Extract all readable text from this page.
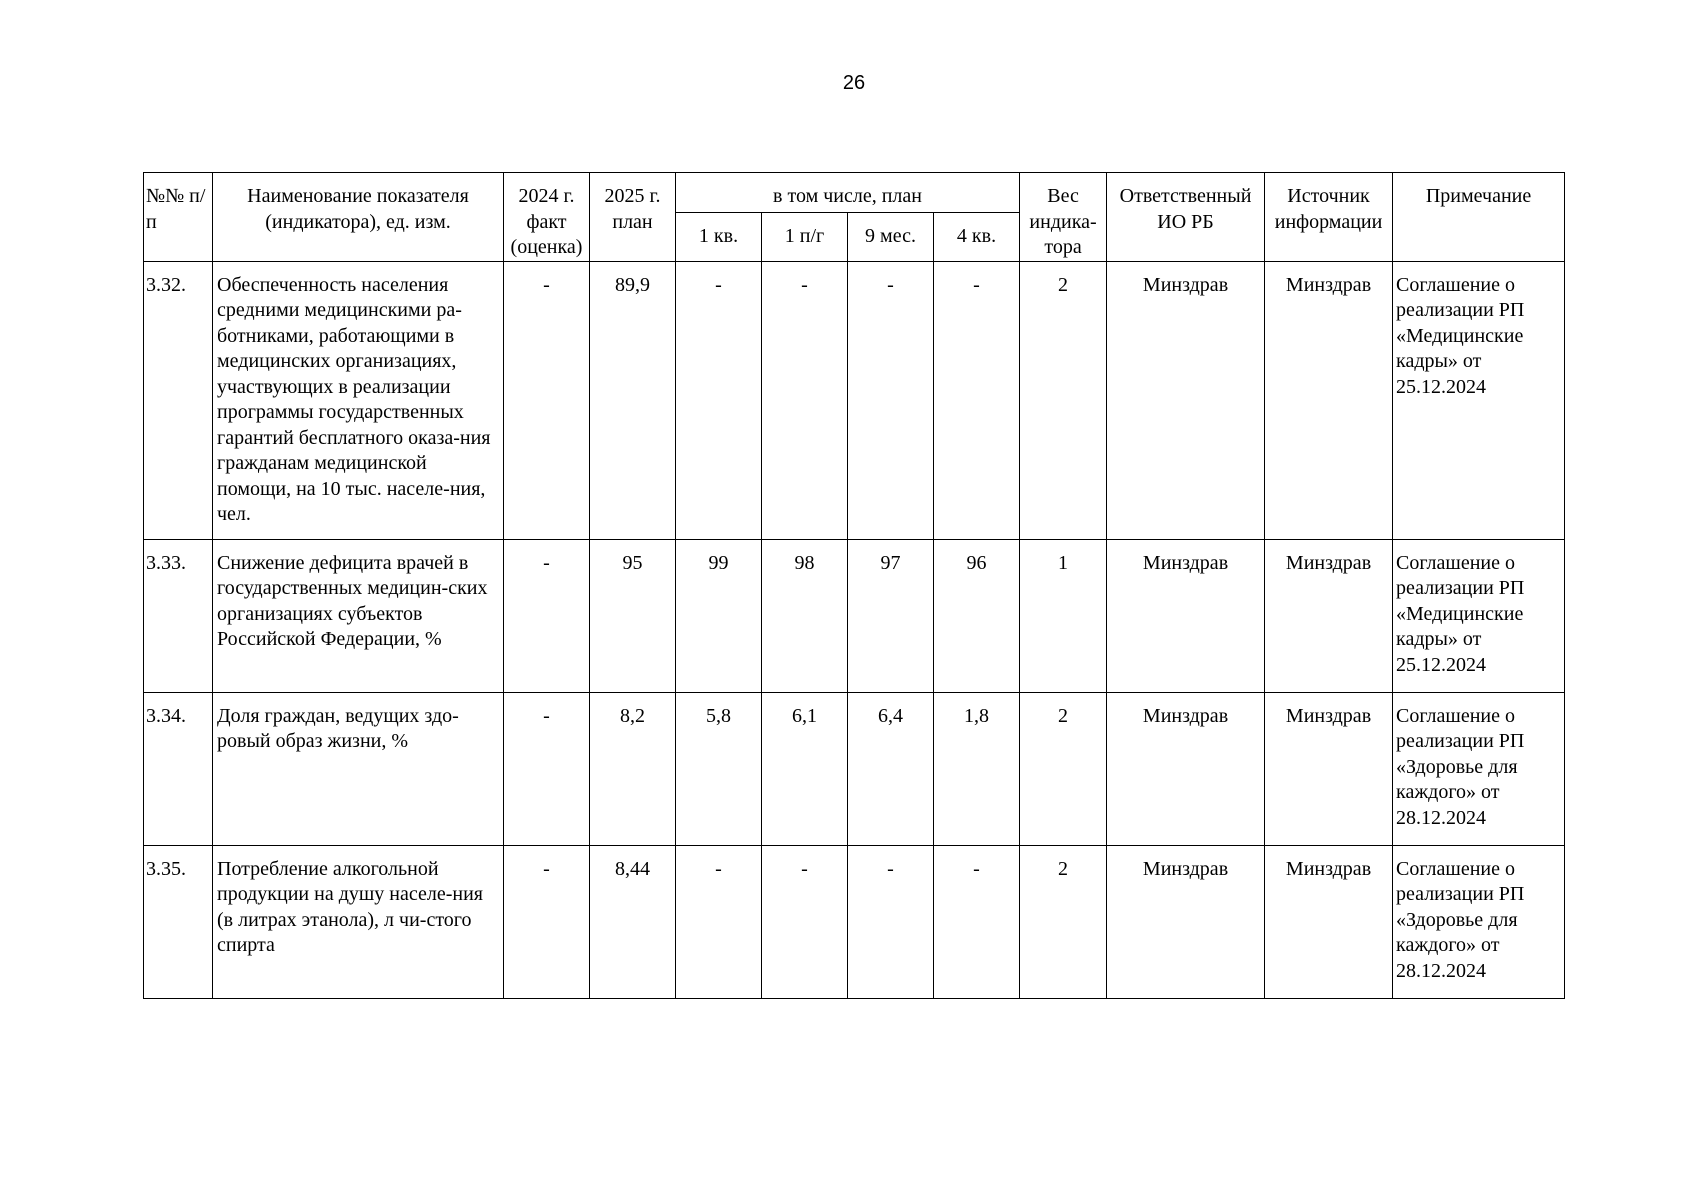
26
№№ п/п	Наименование показателя (индикатора), ед. изм.	2024 г. факт (оценка)	2025 г. план	в том числе, план				Вес индика-тора	Ответственный ИО РБ	Источник информации	Примечание
				1 кв.	1 п/г	9 мес.	4 кв.				
3.32.	Обеспеченность населения средними медицинскими ра-ботниками, работающими в медицинских организациях, участвующих в реализации программы государственных гарантий бесплатного оказа-ния гражданам медицинской помощи, на 10 тыс. населе-ния, чел.	-	89,9	-	-	-	-	2	Минздрав	Минздрав	Соглашение о реализации РП «Медицинские кадры» от 25.12.2024
3.33.	Снижение дефицита врачей в государственных медицин-ских организациях субъектов Российской Федерации, %	-	95	99	98	97	96	1	Минздрав	Минздрав	Соглашение о реализации РП «Медицинские кадры» от 25.12.2024
3.34.	Доля граждан, ведущих здо-ровый образ жизни, %	-	8,2	5,8	6,1	6,4	1,8	2	Минздрав	Минздрав	Соглашение о реализации РП «Здоровье для каждого» от 28.12.2024
3.35.	Потребление алкогольной продукции на душу населе-ния (в литрах этанола), л чи-стого спирта	-	8,44	-	-	-	-	2	Минздрав	Минздрав	Соглашение о реализации РП «Здоровье для каждого» от 28.12.2024
